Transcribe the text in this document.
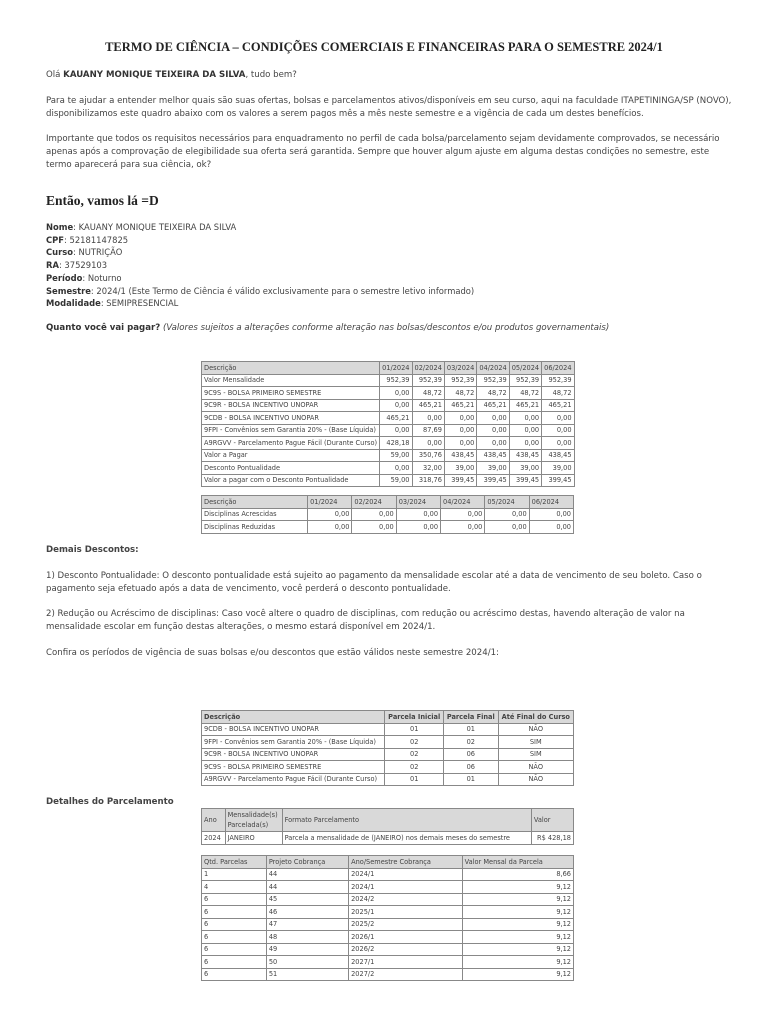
TERMO DE CIÊNCIA – CONDIÇÕES COMERCIAIS E FINANCEIRAS PARA O SEMESTRE 2024/1

Olá KAUANY MONIQUE TEIXEIRA DA SILVA, tudo bem?

Para te ajudar a entender melhor quais são suas ofertas, bolsas e parcelamentos ativos/disponíveis em seu curso, aqui na faculdade ITAPETININGA/SP (NOVO), disponibilizamos este quadro abaixo com os valores a serem pagos mês a mês neste semestre e a vigência de cada um destes benefícios.

Importante que todos os requisitos necessários para enquadramento no perfil de cada bolsa/parcelamento sejam devidamente comprovados, se necessário apenas após a comprovação de elegibilidade sua oferta será garantida. Sempre que houver algum ajuste em alguma destas condições no semestre, este termo aparecerá para sua ciência, ok?

Então, vamos lá =D
Nome: KAUANY MONIQUE TEIXEIRA DA SILVA
CPF: 52181147825
Curso: NUTRIÇÃO
RA: 37529103
Período: Noturno
Semestre: 2024/1 (Este Termo de Ciência é válido exclusivamente para o semestre letivo informado)
Modalidade: SEMIPRESENCIAL

Quanto você vai pagar? (Valores sujeitos a alterações conforme alteração nas bolsas/descontos e/ou produtos governamentais)

Descrição	01/2024	02/2024	03/2024	04/2024	05/2024	06/2024
Valor Mensalidade	952,39	952,39	952,39	952,39	952,39	952,39
9C9S - BOLSA PRIMEIRO SEMESTRE	0,00	48,72	48,72	48,72	48,72	48,72
9C9R - BOLSA INCENTIVO UNOPAR	0,00	465,21	465,21	465,21	465,21	465,21
9CDB - BOLSA INCENTIVO UNOPAR	465,21	0,00	0,00	0,00	0,00	0,00
9FPI - Convênios sem Garantia 20% - (Base Líquida)	0,00	87,69	0,00	0,00	0,00	0,00
A9RGVV - Parcelamento Pague Fácil (Durante Curso)	428,18	0,00	0,00	0,00	0,00	0,00
Valor a Pagar	59,00	350,76	438,45	438,45	438,45	438,45
Desconto Pontualidade	0,00	32,00	39,00	39,00	39,00	39,00
Valor a pagar com o Desconto Pontualidade	59,00	318,76	399,45	399,45	399,45	399,45
Descrição	01/2024	02/2024	03/2024	04/2024	05/2024	06/2024
Disciplinas Acrescidas	0,00	0,00	0,00	0,00	0,00	0,00
Disciplinas Reduzidas	0,00	0,00	0,00	0,00	0,00	0,00

Demais Descontos:

1) Desconto Pontualidade: O desconto pontualidade está sujeito ao pagamento da mensalidade escolar até a data de vencimento de seu boleto. Caso o pagamento seja efetuado após a data de vencimento, você perderá o desconto pontualidade.

2) Redução ou Acréscimo de disciplinas: Caso você altere o quadro de disciplinas, com redução ou acréscimo destas, havendo alteração de valor na mensalidade escolar em função destas alterações, o mesmo estará disponível em 2024/1.

Confira os períodos de vigência de suas bolsas e/ou descontos que estão válidos neste semestre 2024/1:

Descrição	Parcela Inicial	Parcela Final	Até Final do Curso
9CDB - BOLSA INCENTIVO UNOPAR	01	01	NÃO
9FPI - Convênios sem Garantia 20% - (Base Líquida)	02	02	SIM
9C9R - BOLSA INCENTIVO UNOPAR	02	06	SIM
9C9S - BOLSA PRIMEIRO SEMESTRE	02	06	NÃO
A9RGVV - Parcelamento Pague Fácil (Durante Curso)	01	01	NÃO

Detalhes do Parcelamento

Ano	Mensalidade(s) Parcelada(s)	Formato Parcelamento	Valor
2024	JANEIRO	Parcela a mensalidade de (JANEIRO) nos demais meses do semestre	R$ 428,18
Qtd. Parcelas	Projeto Cobrança	Ano/Semestre Cobrança	Valor Mensal da Parcela
1	44	2024/1	8,66
4	44	2024/1	9,12
6	45	2024/2	9,12
6	46	2025/1	9,12
6	47	2025/2	9,12
6	48	2026/1	9,12
6	49	2026/2	9,12
6	50	2027/1	9,12
6	51	2027/2	9,12
